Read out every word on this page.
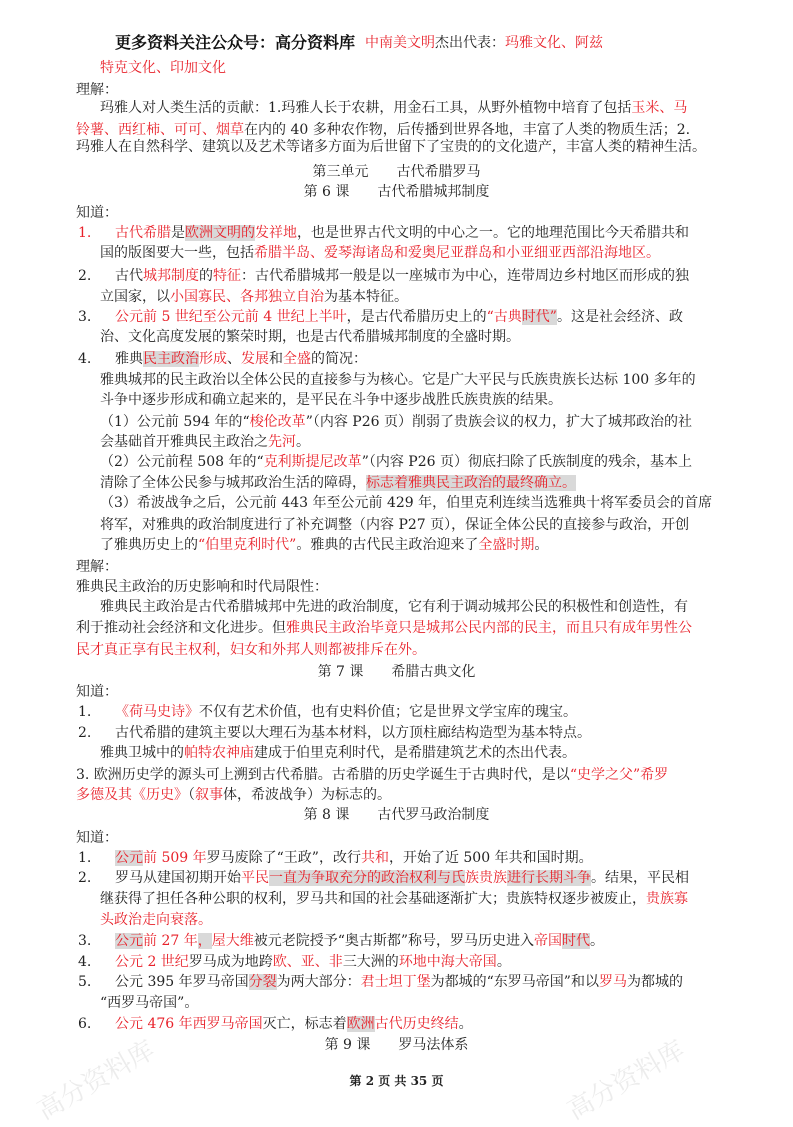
高分资料库
高分资料库
更多资料关注公众号：高分资料库 中南美文明杰出代表：玛雅文化、阿兹
特克文化、印加文化
理解：
玛雅人对人类生活的贡献：1.玛雅人长于农耕，用金石工具，从野外植物中培育了包括玉米、马
铃薯、西红柿、可可、烟草在内的 40 多种农作物，后传播到世界各地，丰富了人类的物质生活；2.
玛雅人在自然科学、建筑以及艺术等诸多方面为后世留下了宝贵的的文化遗产，丰富人类的精神生活。
第三单元　　古代希腊罗马
第 6 课　　古代希腊城邦制度
知道：
1. 古代希腊是欧洲文明的发祥地，也是世界古代文明的中心之一。它的地理范围比今天希腊共和
国的版图要大一些，包括希腊半岛、爱琴海诸岛和爱奥尼亚群岛和小亚细亚西部沿海地区。
2. 古代城邦制度的特征：古代希腊城邦一般是以一座城市为中心，连带周边乡村地区而形成的独
立国家，以小国寡民、各邦独立自治为基本特征。
3. 公元前 5 世纪至公元前 4 世纪上半叶，是古代希腊历史上的“古典时代”。这是社会经济、政
治、文化高度发展的繁荣时期，也是古代希腊城邦制度的全盛时期。
4. 雅典民主政治形成、发展和全盛的简况：
雅典城邦的民主政治以全体公民的直接参与为核心。它是广大平民与氏族贵族长达标 100 多年的
斗争中逐步形成和确立起来的，是平民在斗争中逐步战胜氏族贵族的结果。
（1）公元前 594 年的“梭伦改革”（内容 P26 页）削弱了贵族会议的权力，扩大了城邦政治的社
会基础首开雅典民主政治之先河。
（2）公元前程 508 年的“克利斯提尼改革”（内容 P26 页）彻底扫除了氏族制度的残余，基本上
清除了全体公民参与城邦政治生活的障碍，标志着雅典民主政治的最终确立。
（3）希波战争之后，公元前 443 年至公元前 429 年，伯里克利连续当选雅典十将军委员会的首席
将军，对雅典的政治制度进行了补充调整（内容 P27 页），保证全体公民的直接参与政治，开创
了雅典历史上的“伯里克利时代”。雅典的古代民主政治迎来了全盛时期。
理解：
雅典民主政治的历史影响和时代局限性：
雅典民主政治是古代希腊城邦中先进的政治制度，它有利于调动城邦公民的积极性和创造性，有
利于推动社会经济和文化进步。但雅典民主政治毕竟只是城邦公民内部的民主，而且只有成年男性公
民才真正享有民主权利，妇女和外邦人则都被排斥在外。
第 7 课　　希腊古典文化
知道：
1. 《荷马史诗》不仅有艺术价值，也有史料价值；它是世界文学宝库的瑰宝。
2. 古代希腊的建筑主要以大理石为基本材料，以方顶柱廊结构造型为基本特点。
雅典卫城中的帕特农神庙建成于伯里克利时代，是希腊建筑艺术的杰出代表。
3. 欧洲历史学的源头可上溯到古代希腊。古希腊的历史学诞生于古典时代，是以“史学之父”希罗
多德及其《历史》（叙事体，希波战争）为标志的。
第 8 课　　古代罗马政治制度
知道：
1. 公元前 509 年罗马废除了“王政”，改行共和，开始了近 500 年共和国时期。
2. 罗马从建国初期开始平民一直为争取充分的政治权利与氏族贵族进行长期斗争。结果，平民相
继获得了担任各种公职的权利，罗马共和国的社会基础逐渐扩大；贵族特权逐步被废止，贵族寡
头政治走向衰落。
3. 公元前 27 年，屋大维被元老院授予“奥古斯都”称号，罗马历史进入帝国时代。
4. 公元 2 世纪罗马成为地跨欧、亚、非三大洲的环地中海大帝国。
5. 公元 395 年罗马帝国分裂为两大部分：君士坦丁堡为都城的“东罗马帝国”和以罗马为都城的
“西罗马帝国”。
6. 公元 476 年西罗马帝国灭亡，标志着欧洲古代历史终结。
第 9 课　　罗马法体系
第 2 页 共 35 页
